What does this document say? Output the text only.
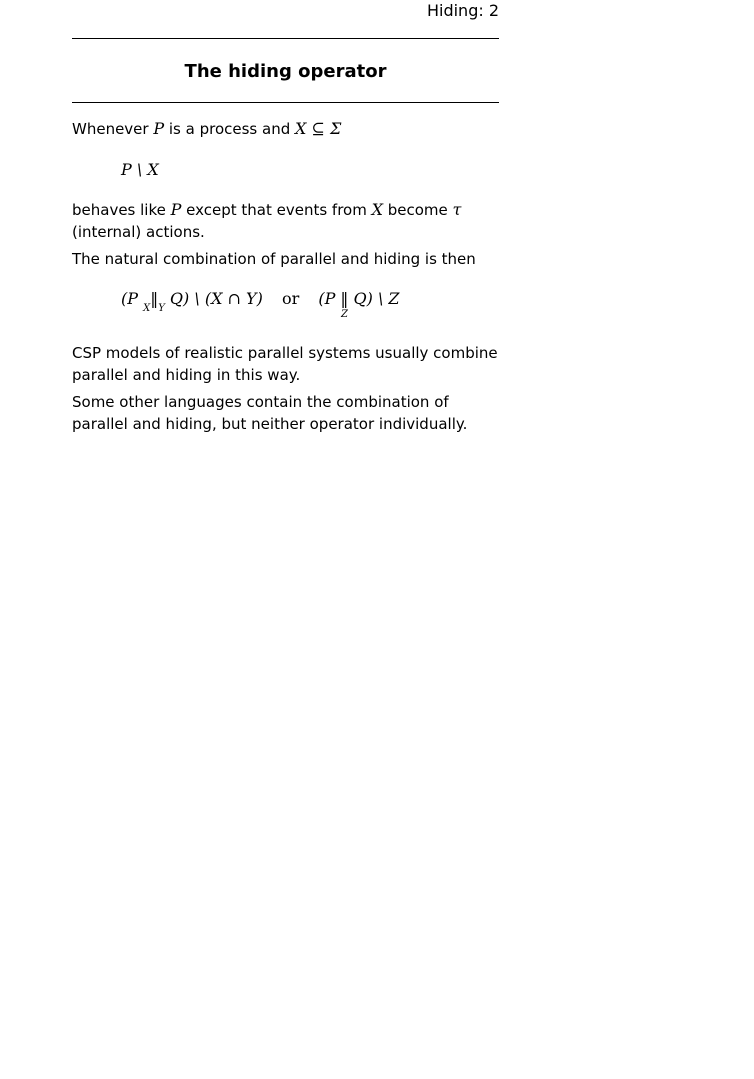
Hiding: 2
The hiding operator
Whenever P is a process and X ⊆ Σ
P \ X
behaves like P except that events from X become τ
(internal) actions.
The natural combination of parallel and hiding is then
(P $_X‖_Y$ Q) \ (X ∩ Y) or (P ‖
Z
Q) \ Z
CSP models of realistic parallel systems usually combine parallel and hiding in this way.
Some other languages contain the combination of parallel and hiding, but neither operator individually.
